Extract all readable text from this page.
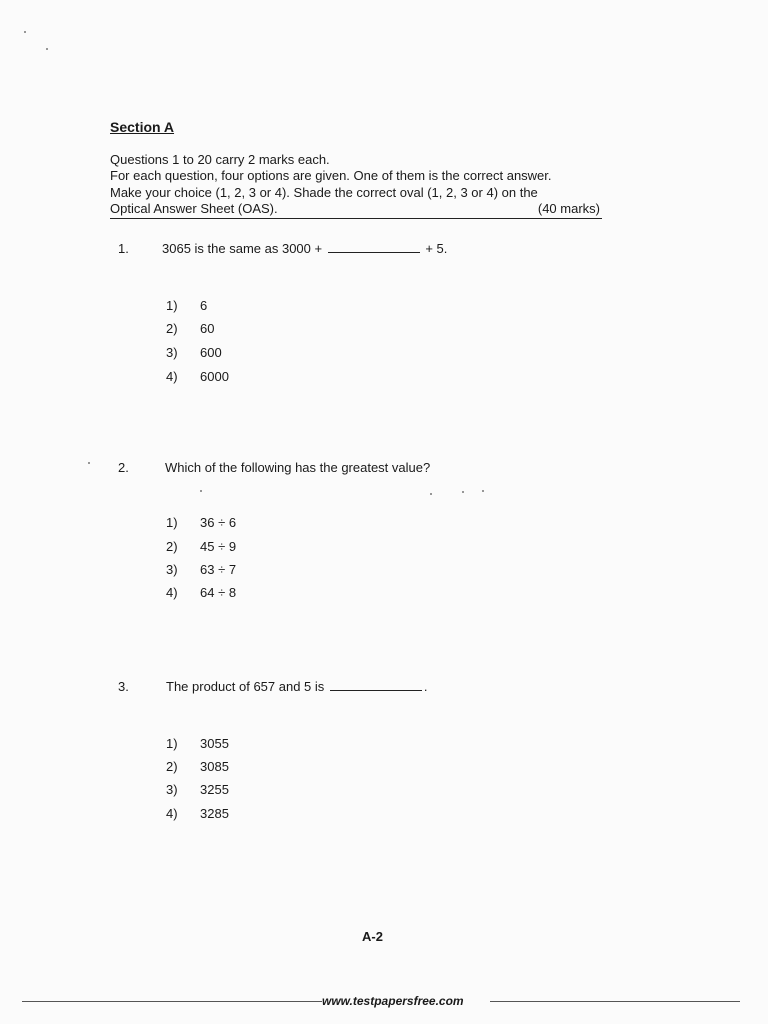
Section A
Questions 1 to 20 carry 2 marks each.
For each question, four options are given. One of them is the correct answer.
Make your choice (1, 2, 3 or 4). Shade the correct oval (1, 2, 3 or 4) on the
Optical Answer Sheet (OAS).	(40 marks)
1.	3065 is the same as 3000 +	+ 5.
1) 6
2) 60
3) 600
4) 6000
2.	Which of the following has the greatest value?
1) 36 ÷ 6
2) 45 ÷ 9
3) 63 ÷ 7
4) 64 ÷ 8
3.	The product of 657 and 5 is	.
1) 3055
2) 3085
3) 3255
4) 3285
A-2
www.testpapersfree.com
